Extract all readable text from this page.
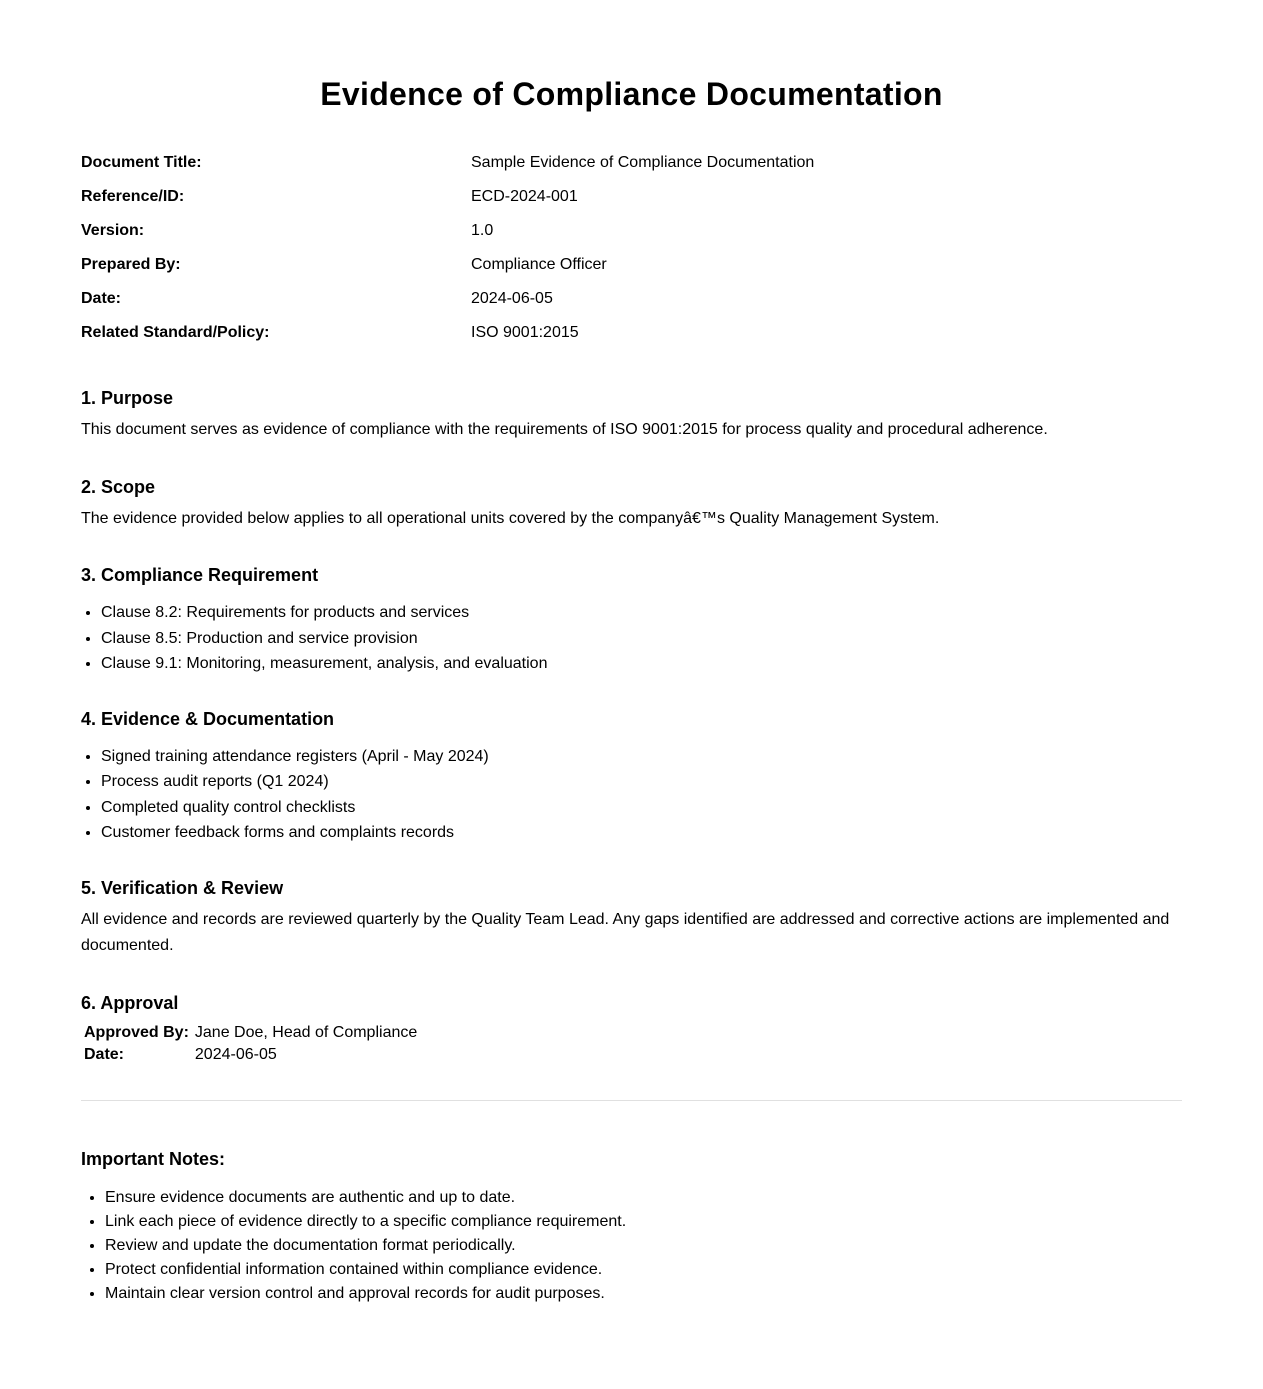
Evidence of Compliance Documentation
Document Title:	Sample Evidence of Compliance Documentation
Reference/ID:	ECD-2024-001
Version:	1.0
Prepared By:	Compliance Officer
Date:	2024-06-05
Related Standard/Policy:	ISO 9001:2015
1. Purpose

This document serves as evidence of compliance with the requirements of ISO 9001:2015 for process quality and procedural adherence.

2. Scope

The evidence provided below applies to all operational units covered by the companyâ€™s Quality Management System.

3. Compliance Requirement
• Clause 8.2: Requirements for products and services
• Clause 8.5: Production and service provision
• Clause 9.1: Monitoring, measurement, analysis, and evaluation
4. Evidence & Documentation
• Signed training attendance registers (April - May 2024)
• Process audit reports (Q1 2024)
• Completed quality control checklists
• Customer feedback forms and complaints records
5. Verification & Review

All evidence and records are reviewed quarterly by the Quality Team Lead. Any gaps identified are addressed and corrective actions are implemented and documented.

6. Approval
Approved By:	Jane Doe, Head of Compliance
Date:	2024-06-05
Important Notes:
• Ensure evidence documents are authentic and up to date.
• Link each piece of evidence directly to a specific compliance requirement.
• Review and update the documentation format periodically.
• Protect confidential information contained within compliance evidence.
• Maintain clear version control and approval records for audit purposes.
